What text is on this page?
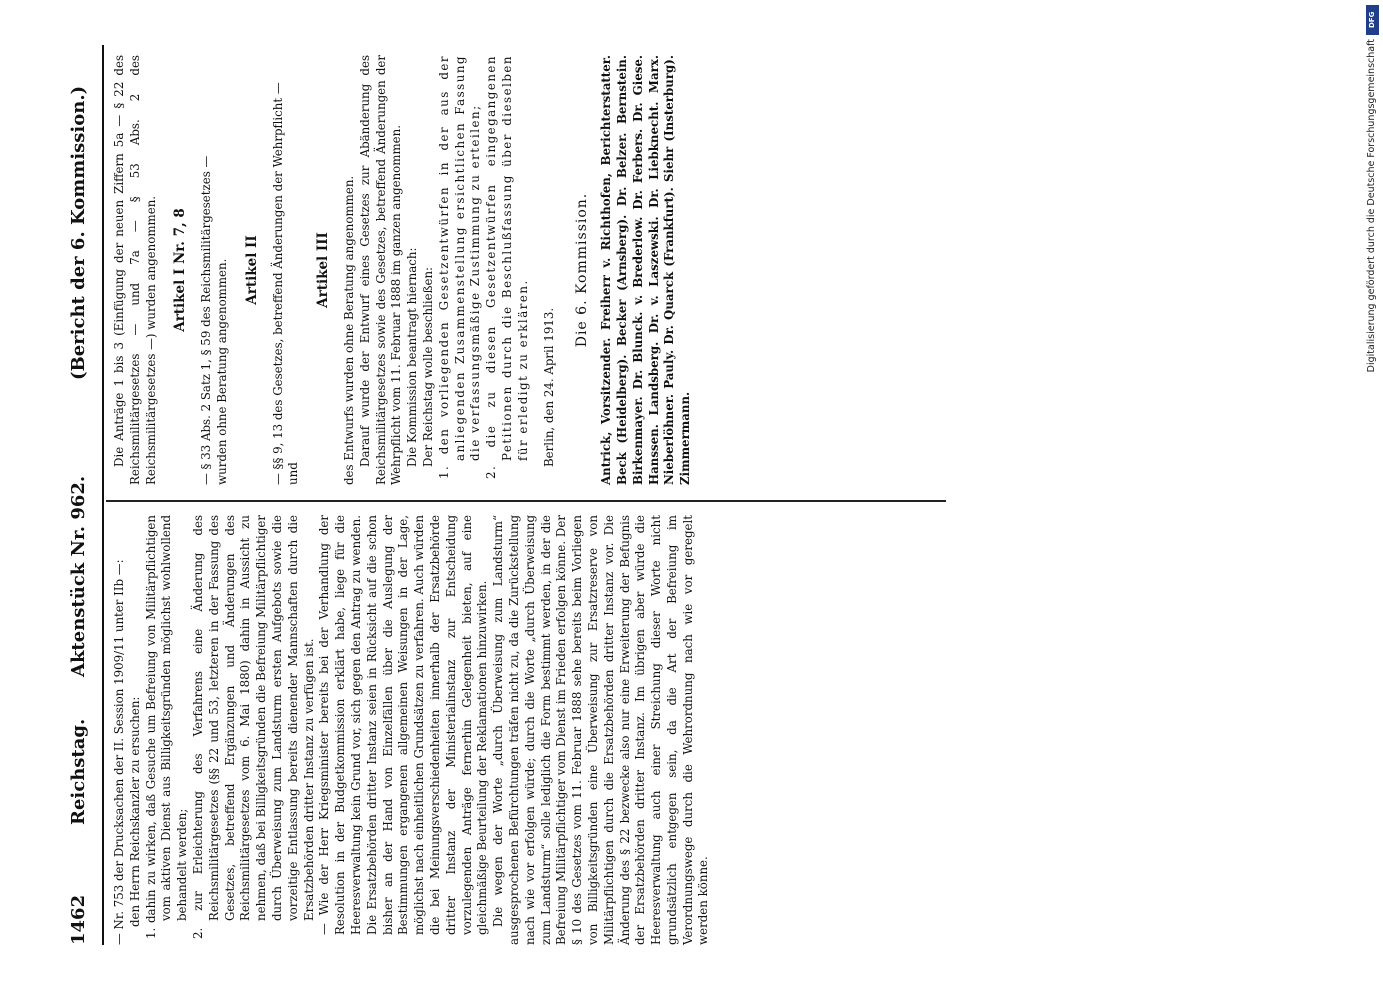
1462
Reichstag.
Aktenstück Nr. 962.
(Bericht der 6. Kommission.)

— Nr. 753 der Drucksachen der II. Session 1909/11 unter IIb —: den Herrn Reichskanzler zu ersuchen: 1. dahin zu wirken, daß Gesuche um Befreiung von Militärpflichtigen vom aktiven Dienst aus Billigkeitsgründen möglichst wohlwollend behandelt werden; 2. zur Erleichterung des Verfahrens eine Änderung des Reichsmilitärgesetzes (§§ 22 und 53, letzteren in der Fassung des Gesetzes, betreffend Ergänzungen und Änderungen des Reichsmilitärgesetzes vom 6. Mai 1880) dahin in Aussicht zu nehmen, daß bei Billigkeitsgründen die Befreiung Militärpflichtiger durch Überweisung zum Landsturm ersten Aufgebots sowie die vorzeitige Entlassung bereits dienender Mannschaften durch die Ersatzbehörden dritter Instanz zu verfügen ist. — Wie der Herr Kriegsminister bereits bei der Verhandlung der Resolution in der Budgetkommission erklärt habe, liege für die Heeresverwaltung kein Grund vor, sich gegen den Antrag zu wenden. Die Ersatzbehörden dritter Instanz seien in Rücksicht auf die schon bisher an der Hand von Einzelfällen über die Auslegung der Bestimmungen ergangenen allgemeinen Weisungen in der Lage, möglichst nach einheitlichen Grundsätzen zu verfahren. Auch würden die bei Meinungsverschiedenheiten innerhalb der Ersatzbehörde dritter Instanz der Ministerialinstanz zur Entscheidung vorzulegenden Anträge fernerhin Gelegenheit bieten, auf eine gleichmäßige Beurteilung der Reklamationen hinzuwirken. Die wegen der Worte „durch Überweisung zum Landsturm“ ausgesprochenen Befürchtungen träfen nicht zu, da die Zurückstellung nach wie vor erfolgen würde; durch die Worte „durch Überweisung zum Landsturm“ solle lediglich die Form bestimmt werden, in der die Befreiung Militärpflichtiger vom Dienst im Frieden erfolgen könne. Der § 10 des Gesetzes vom 11. Februar 1888 sehe bereits beim Vorliegen von Billigkeitsgründen eine Überweisung zur Ersatzreserve von Militärpflichtigen durch die Ersatzbehörden dritter Instanz vor. Die Änderung des § 22 bezwecke also nur eine Erweiterung der Befugnis der Ersatzbehörden dritter Instanz. Im übrigen aber würde die Heeresverwaltung auch einer Streichung dieser Worte nicht grundsätzlich entgegen sein, da die Art der Befreiung im Verordnungswege durch die Wehrordnung nach wie vor geregelt werden könne.

Die Anträge 1 bis 3 (Einfügung der neuen Ziffern 5a — § 22 des Reichsmilitärgesetzes — und 7a — § 53 Abs. 2 des Reichsmilitärgesetzes —) wurden angenommen. Artikel I Nr. 7, 8 — § 33 Abs. 2 Satz 1, § 59 des Reichsmilitärgesetzes — wurden ohne Beratung angenommen. Artikel II — §§ 9, 13 des Gesetzes, betreffend Änderungen der Wehrpflicht — und

Artikel III des Entwurfs wurden ohne Beratung angenommen. Darauf wurde der Entwurf eines Gesetzes zur Abänderung des Reichsmilitärgesetzes sowie des Gesetzes, betreffend Änderungen der Wehrpflicht vom 11. Februar 1888 im ganzen angenommen. Die Kommission beantragt hiernach: Der Reichstag wolle beschließen: 1. den vorliegenden Gesetzentwürfen in der aus der anliegenden Zusammenstellung ersichtlichen Fassung die verfassungsmäßige Zustimmung zu erteilen; 2. die zu diesen Gesetzentwürfen eingegangenen Petitionen durch die Beschlußfassung über dieselben für erledigt zu erklären. Berlin, den 24. April 1913.

Die 6. Kommission. Antrick, Vorsitzender. Freiherr v. Richthofen, Berichterstatter. Beck (Heidelberg). Becker (Arnsberg). Dr. Belzer. Bernstein. Birkenmayer. Dr. Blunck. v. Brederlow. Dr. Ferbers. Dr. Giese. Hanssen. Landsberg. Dr. v. Laszewski. Dr. Liebknecht. Marx. Nieberlöhner. Pauly. Dr. Quarck (Frankfurt). Siehr (Insterburg). Zimmermann.

DFG
Digitalisierung gefördert durch die Deutsche Forschungsgemeinschaft
